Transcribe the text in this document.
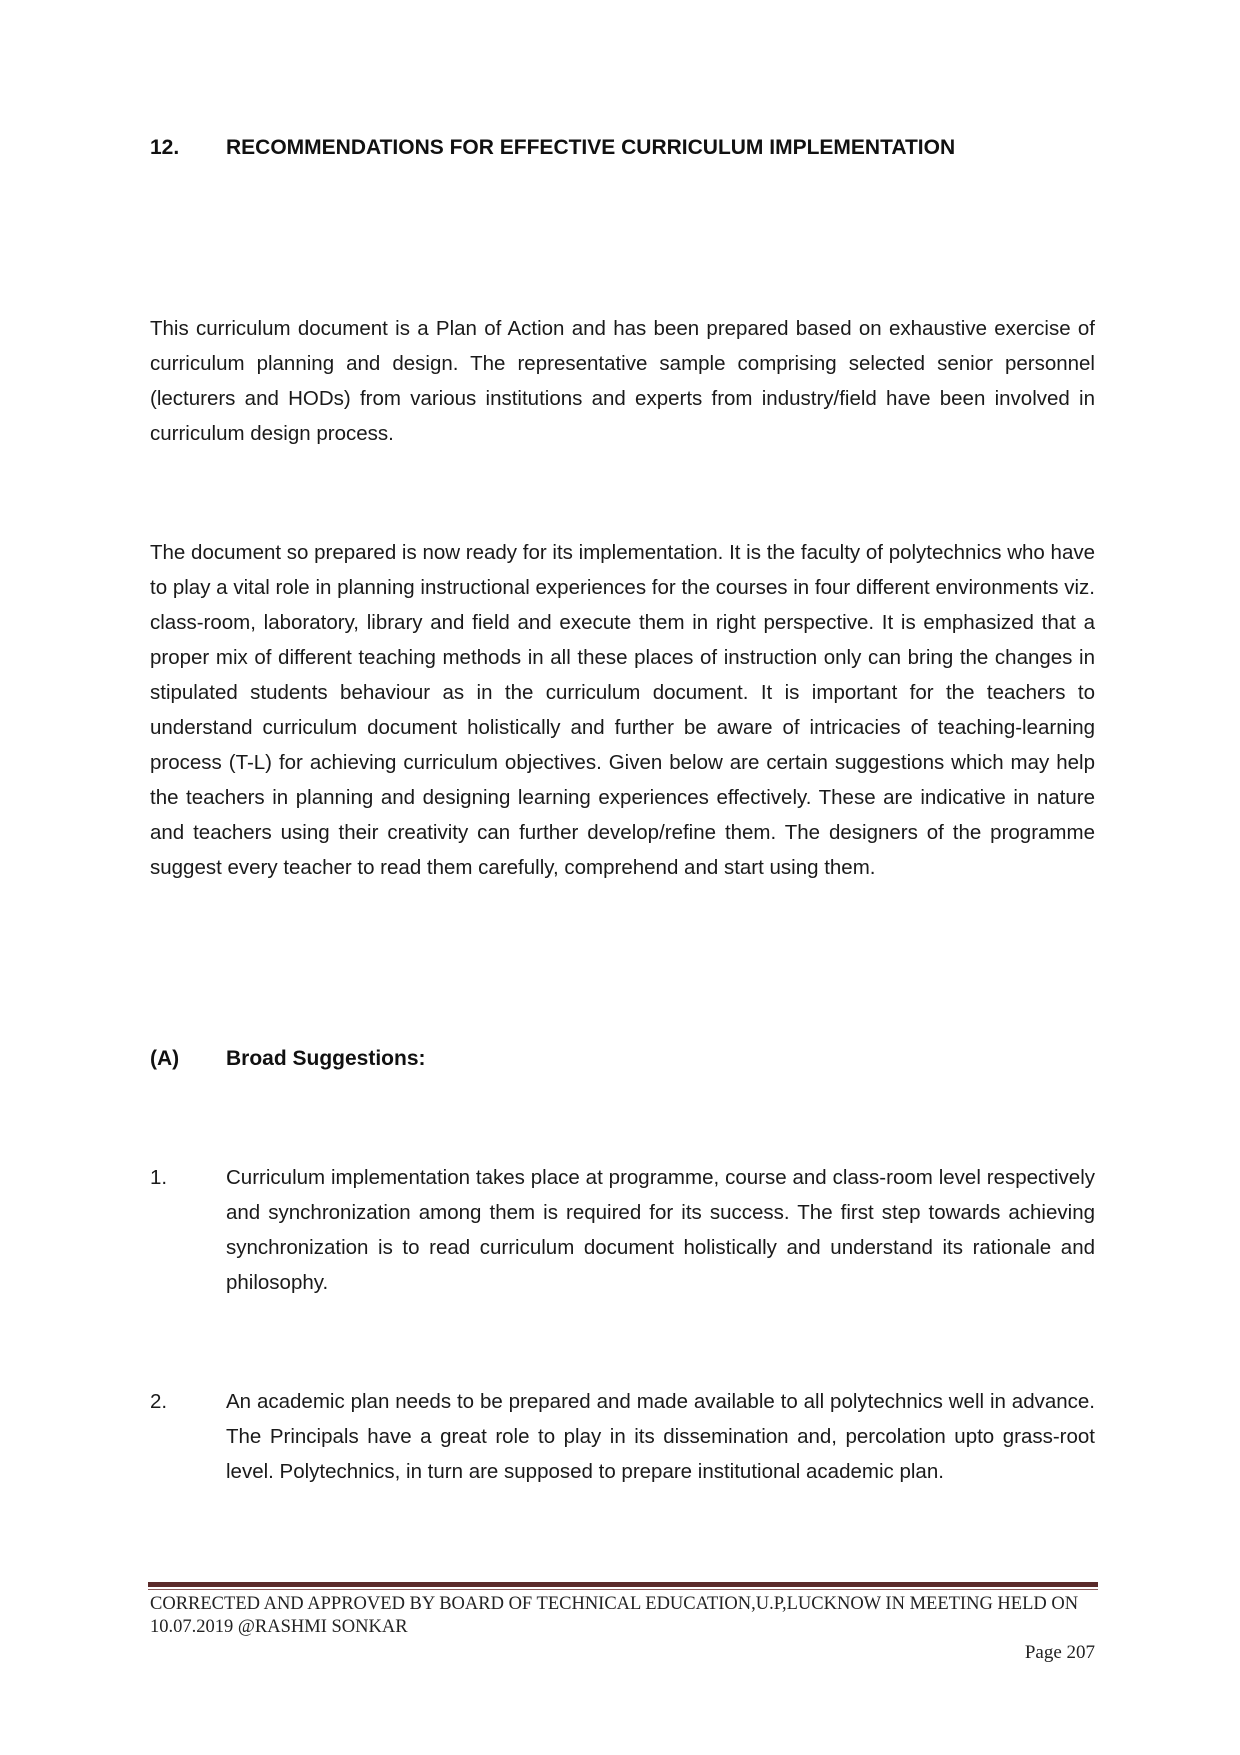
12. RECOMMENDATIONS FOR EFFECTIVE CURRICULUM IMPLEMENTATION
This curriculum document is a Plan of Action and has been prepared based on exhaustive exercise of curriculum planning and design. The representative sample comprising selected senior personnel (lecturers and HODs) from various institutions and experts from industry/field have been involved in curriculum design process.
The document so prepared is now ready for its implementation. It is the faculty of polytechnics who have to play a vital role in planning instructional experiences for the courses in four different environments viz. class-room, laboratory, library and field and execute them in right perspective. It is emphasized that a proper mix of different teaching methods in all these places of instruction only can bring the changes in stipulated students behaviour as in the curriculum document. It is important for the teachers to understand curriculum document holistically and further be aware of intricacies of teaching-learning process (T-L) for achieving curriculum objectives. Given below are certain suggestions which may help the teachers in planning and designing learning experiences effectively. These are indicative in nature and teachers using their creativity can further develop/refine them. The designers of the programme suggest every teacher to read them carefully, comprehend and start using them.
(A) Broad Suggestions:
1.	Curriculum implementation takes place at programme, course and class-room level respectively and synchronization among them is required for its success. The first step towards achieving synchronization is to read curriculum document holistically and understand its rationale and philosophy.
2.	An academic plan needs to be prepared and made available to all polytechnics well in advance. The Principals have a great role to play in its dissemination and, percolation upto grass-root level. Polytechnics, in turn are supposed to prepare institutional academic plan.
CORRECTED AND APPROVED BY BOARD OF TECHNICAL EDUCATION,U.P,LUCKNOW IN MEETING HELD ON 10.07.2019 @RASHMI SONKAR
Page 207
